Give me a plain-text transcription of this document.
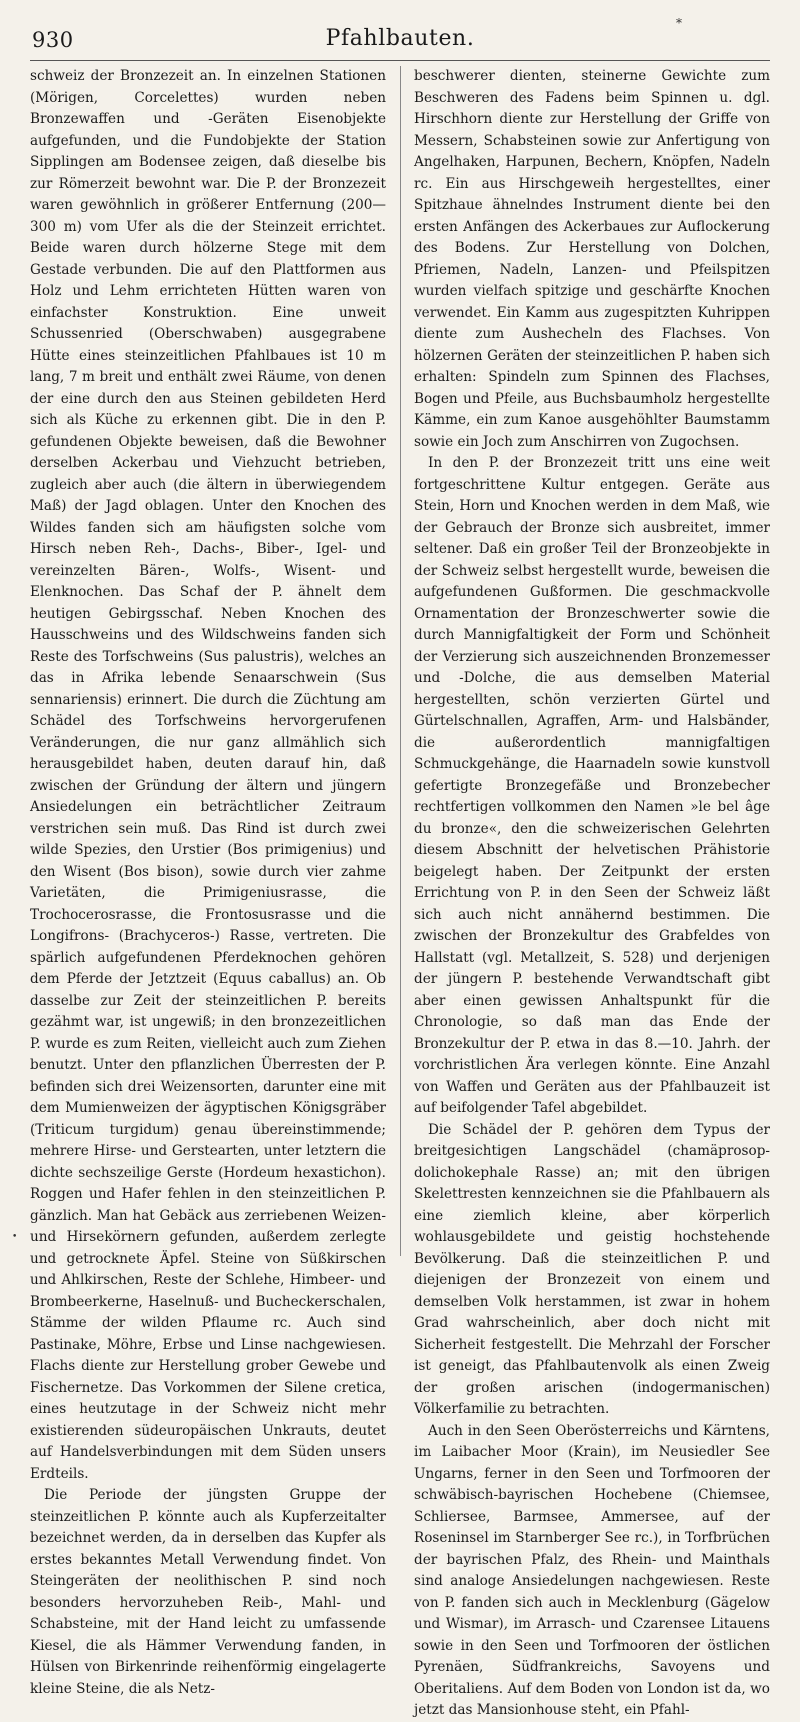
930	Pfahlbauten.
*

schweiz der Bronzezeit an. In einzelnen Stationen (Mörigen, Corcelettes) wurden neben Bronzewaffen und -Geräten Eisenobjekte aufgefunden, und die Fundobjekte der Station Sipplingen am Bodensee zeigen, daß dieselbe bis zur Römerzeit bewohnt war. Die P. der Bronzezeit waren gewöhnlich in größerer Entfernung (200—300 m) vom Ufer als die der Steinzeit errichtet. Beide waren durch hölzerne Stege mit dem Gestade verbunden. Die auf den Plattformen aus Holz und Lehm errichteten Hütten waren von einfachster Konstruktion. Eine unweit Schussenried (Oberschwaben) ausgegrabene Hütte eines steinzeitlichen Pfahlbaues ist 10 m lang, 7 m breit und enthält zwei Räume, von denen der eine durch den aus Steinen gebildeten Herd sich als Küche zu erkennen gibt. Die in den P. gefundenen Objekte beweisen, daß die Bewohner derselben Ackerbau und Viehzucht betrieben, zugleich aber auch (die ältern in überwiegendem Maß) der Jagd oblagen. Unter den Knochen des Wildes fanden sich am häufigsten solche vom Hirsch neben Reh-, Dachs-, Biber-, Igel- und vereinzelten Bären-, Wolfs-, Wisent- und Elenknochen. Das Schaf der P. ähnelt dem heutigen Gebirgsschaf. Neben Knochen des Hausschweins und des Wildschweins fanden sich Reste des Torfschweins (Sus palustris), welches an das in Afrika lebende Senaarschwein (Sus sennariensis) erinnert. Die durch die Züchtung am Schädel des Torfschweins hervorgerufenen Veränderungen, die nur ganz allmählich sich herausgebildet haben, deuten darauf hin, daß zwischen der Gründung der ältern und jüngern Ansiedelungen ein beträchtlicher Zeitraum verstrichen sein muß. Das Rind ist durch zwei wilde Spezies, den Urstier (Bos primigenius) und den Wisent (Bos bison), sowie durch vier zahme Varietäten, die Primigeniusrasse, die Trochocerosrasse, die Frontosusrasse und die Longifrons- (Brachyceros-) Rasse, vertreten. Die spärlich aufgefundenen Pferdeknochen gehören dem Pferde der Jetztzeit (Equus caballus) an. Ob dasselbe zur Zeit der steinzeitlichen P. bereits gezähmt war, ist ungewiß; in den bronzezeitlichen P. wurde es zum Reiten, vielleicht auch zum Ziehen benutzt. Unter den pflanzlichen Überresten der P. befinden sich drei Weizensorten, darunter eine mit dem Mumienweizen der ägyptischen Königsgräber (Triticum turgidum) genau übereinstimmende; mehrere Hirse- und Gerstearten, unter letztern die dichte sechszeilige Gerste (Hordeum hexastichon). Roggen und Hafer fehlen in den steinzeitlichen P. gänzlich. Man hat Gebäck aus zerriebenen Weizen- und Hirsekörnern gefunden, außerdem zerlegte und getrocknete Äpfel. Steine von Süßkirschen und Ahlkirschen, Reste der Schlehe, Himbeer- und Brombeerkerne, Haselnuß- und Bucheckerschalen, Stämme der wilden Pflaume rc. Auch sind Pastinake, Möhre, Erbse und Linse nachgewiesen. Flachs diente zur Herstellung grober Gewebe und Fischernetze. Das Vorkommen der Silene cretica, eines heutzutage in der Schweiz nicht mehr existierenden südeuropäischen Unkrauts, deutet auf Handelsverbindungen mit dem Süden unsers Erdteils.

Die Periode der jüngsten Gruppe der steinzeitlichen P. könnte auch als Kupferzeitalter bezeichnet werden, da in derselben das Kupfer als erstes bekanntes Metall Verwendung findet. Von Steingeräten der neolithischen P. sind noch besonders hervorzuheben Reib-, Mahl- und Schabsteine, mit der Hand leicht zu umfassende Kiesel, die als Hämmer Verwendung fanden, in Hülsen von Birkenrinde reihenförmig eingelagerte kleine Steine, die als Netz-

beschwerer dienten, steinerne Gewichte zum Beschweren des Fadens beim Spinnen u. dgl. Hirschhorn diente zur Herstellung der Griffe von Messern, Schabsteinen sowie zur Anfertigung von Angelhaken, Harpunen, Bechern, Knöpfen, Nadeln rc. Ein aus Hirschgeweih hergestelltes, einer Spitzhaue ähnelndes Instrument diente bei den ersten Anfängen des Ackerbaues zur Auflockerung des Bodens. Zur Herstellung von Dolchen, Pfriemen, Nadeln, Lanzen- und Pfeilspitzen wurden vielfach spitzige und geschärfte Knochen verwendet. Ein Kamm aus zugespitzten Kuhrippen diente zum Aushecheln des Flachses. Von hölzernen Geräten der steinzeitlichen P. haben sich erhalten: Spindeln zum Spinnen des Flachses, Bogen und Pfeile, aus Buchsbaumholz hergestellte Kämme, ein zum Kanoe ausgehöhlter Baumstamm sowie ein Joch zum Anschirren von Zugochsen.

In den P. der Bronzezeit tritt uns eine weit fortgeschrittene Kultur entgegen. Geräte aus Stein, Horn und Knochen werden in dem Maß, wie der Gebrauch der Bronze sich ausbreitet, immer seltener. Daß ein großer Teil der Bronzeobjekte in der Schweiz selbst hergestellt wurde, beweisen die aufgefundenen Gußformen. Die geschmackvolle Ornamentation der Bronzeschwerter sowie die durch Mannigfaltigkeit der Form und Schönheit der Verzierung sich auszeichnenden Bronzemesser und -Dolche, die aus demselben Material hergestellten, schön verzierten Gürtel und Gürtelschnallen, Agraffen, Arm- und Halsbänder, die außerordentlich mannigfaltigen Schmuckgehänge, die Haarnadeln sowie kunstvoll gefertigte Bronzegefäße und Bronzebecher rechtfertigen vollkommen den Namen »le bel âge du bronze«, den die schweizerischen Gelehrten diesem Abschnitt der helvetischen Prähistorie beigelegt haben. Der Zeitpunkt der ersten Errichtung von P. in den Seen der Schweiz läßt sich auch nicht annähernd bestimmen. Die zwischen der Bronzekultur des Grabfeldes von Hallstatt (vgl. Metallzeit, S. 528) und derjenigen der jüngern P. bestehende Verwandtschaft gibt aber einen gewissen Anhaltspunkt für die Chronologie, so daß man das Ende der Bronzekultur der P. etwa in das 8.—10. Jahrh. der vorchristlichen Ära verlegen könnte. Eine Anzahl von Waffen und Geräten aus der Pfahlbauzeit ist auf beifolgender Tafel abgebildet.

Die Schädel der P. gehören dem Typus der breitgesichtigen Langschädel (chamäprosop-dolichokephale Rasse) an; mit den übrigen Skelettresten kennzeichnen sie die Pfahlbauern als eine ziemlich kleine, aber körperlich wohlausgebildete und geistig hochstehende Bevölkerung. Daß die steinzeitlichen P. und diejenigen der Bronzezeit von einem und demselben Volk herstammen, ist zwar in hohem Grad wahrscheinlich, aber doch nicht mit Sicherheit festgestellt. Die Mehrzahl der Forscher ist geneigt, das Pfahlbautenvolk als einen Zweig der großen arischen (indogermanischen) Völkerfamilie zu betrachten.

Auch in den Seen Oberösterreichs und Kärntens, im Laibacher Moor (Krain), im Neusiedler See Ungarns, ferner in den Seen und Torfmooren der schwäbisch-bayrischen Hochebene (Chiemsee, Schliersee, Barmsee, Ammersee, auf der Roseninsel im Starnberger See rc.), in Torfbrüchen der bayrischen Pfalz, des Rhein- und Mainthals sind analoge Ansiedelungen nachgewiesen. Reste von P. fanden sich auch in Mecklenburg (Gägelow und Wismar), im Arrasch- und Czarensee Litauens sowie in den Seen und Torfmooren der östlichen Pyrenäen, Südfrankreichs, Savoyens und Oberitaliens. Auf dem Boden von London ist da, wo jetzt das Mansionhouse steht, ein Pfahl-

•
